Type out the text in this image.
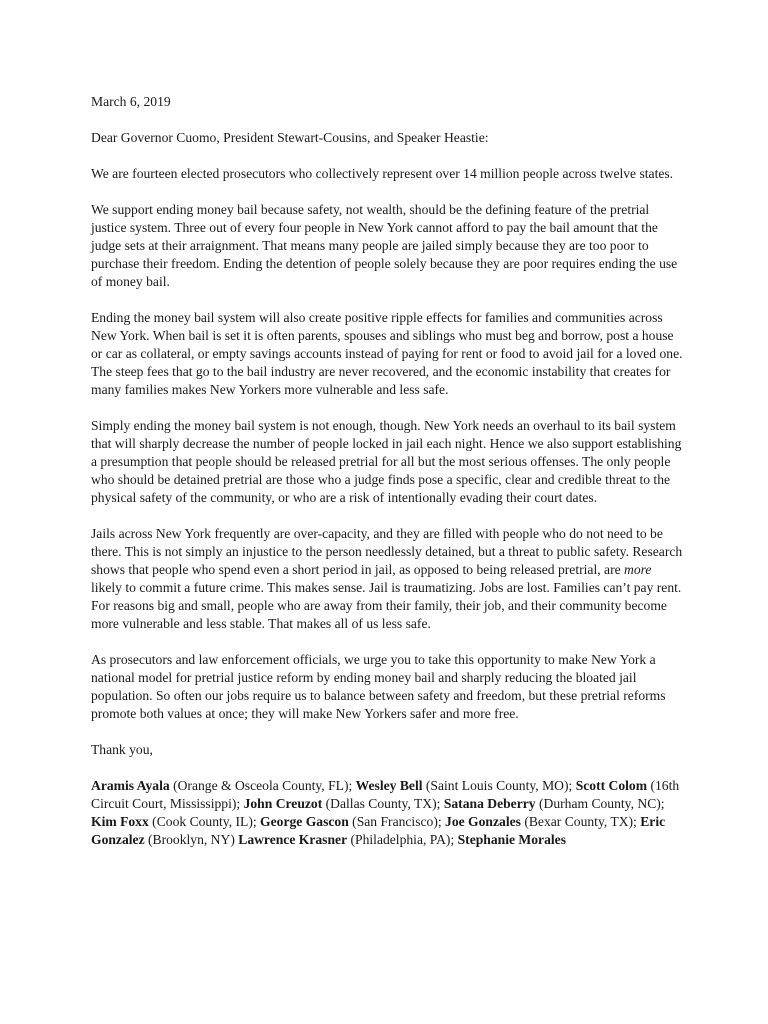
March 6, 2019

Dear Governor Cuomo, President Stewart-Cousins, and Speaker Heastie:

We are fourteen elected prosecutors who collectively represent over 14 million people across twelve states.

We support ending money bail because safety, not wealth, should be the defining feature of the pretrial justice system. Three out of every four people in New York cannot afford to pay the bail amount that the judge sets at their arraignment. That means many people are jailed simply because they are too poor to purchase their freedom. Ending the detention of people solely because they are poor requires ending the use of money bail.

Ending the money bail system will also create positive ripple effects for families and communities across New York. When bail is set it is often parents, spouses and siblings who must beg and borrow, post a house or car as collateral, or empty savings accounts instead of paying for rent or food to avoid jail for a loved one. The steep fees that go to the bail industry are never recovered, and the economic instability that creates for many families makes New Yorkers more vulnerable and less safe.

Simply ending the money bail system is not enough, though. New York needs an overhaul to its bail system that will sharply decrease the number of people locked in jail each night. Hence we also support establishing a presumption that people should be released pretrial for all but the most serious offenses. The only people who should be detained pretrial are those who a judge finds pose a specific, clear and credible threat to the physical safety of the community, or who are a risk of intentionally evading their court dates.

Jails across New York frequently are over-capacity, and they are filled with people who do not need to be there. This is not simply an injustice to the person needlessly detained, but a threat to public safety. Research shows that people who spend even a short period in jail, as opposed to being released pretrial, are more likely to commit a future crime. This makes sense. Jail is traumatizing. Jobs are lost. Families can’t pay rent. For reasons big and small, people who are away from their family, their job, and their community become more vulnerable and less stable. That makes all of us less safe.

As prosecutors and law enforcement officials, we urge you to take this opportunity to make New York a national model for pretrial justice reform by ending money bail and sharply reducing the bloated jail population. So often our jobs require us to balance between safety and freedom, but these pretrial reforms promote both values at once; they will make New Yorkers safer and more free.

Thank you,

Aramis Ayala (Orange & Osceola County, FL); Wesley Bell (Saint Louis County, MO); Scott Colom (16th Circuit Court, Mississippi); John Creuzot (Dallas County, TX); Satana Deberry (Durham County, NC); Kim Foxx (Cook County, IL); George Gascon (San Francisco); Joe Gonzales (Bexar County, TX); Eric Gonzalez (Brooklyn, NY) Lawrence Krasner (Philadelphia, PA); Stephanie Morales
